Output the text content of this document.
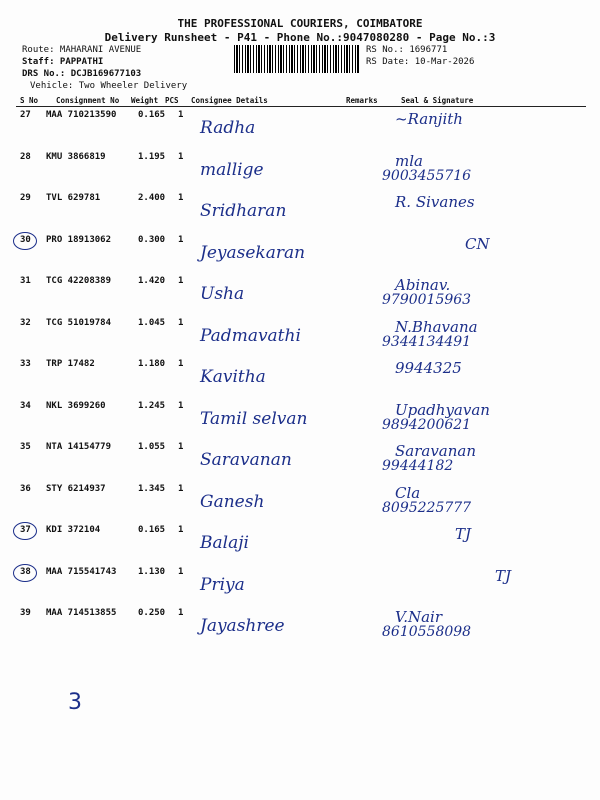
THE PROFESSIONAL COURIERS, COIMBATORE
Delivery Runsheet - P41 - Phone No.:9047080280 - Page No.:3
Route: MAHARANI AVENUE
Staff: PAPPATHI
DRS No.: DCJB169677103
Vehicle: Two Wheeler Delivery
RS No.: 1696771
RS Date: 10-Mar-2026
S No Consignment No Weight PCS Consignee Details	Remarks	Seal & Signature
27 MAA 710213590 0.165 1
Radha	~Ranjith
28 KMU 3866819	1.195 1
mallige	mla
9003455716
29 TVL 629781	2.400 1
Sridharan	R. Sivanes
30 PRO 18913062	0.300 1
Jeyasekaran	CN
31 TCG 42208389	1.420 1
Usha	Abinav.
9790015963
32 TCG 51019784	1.045 1
Padmavathi	N.Bhavana
9344134491
33 TRP 17482	1.180 1
Kavitha	9944325
34 NKL 3699260	1.245 1
Tamil selvan	Upadhyavan
9894200621
35 NTA 14154779	1.055 1
Saravanan	Saravanan
99444182
36 STY 6214937	1.345 1
Ganesh	Cla
8095225777
37 KDI 372104	0.165 1
Balaji	TJ
38 MAA 715541743 1.130 1
Priya	TJ
39 MAA 714513855 0.250 1
Jayashree	V.Nair
8610558098
3
